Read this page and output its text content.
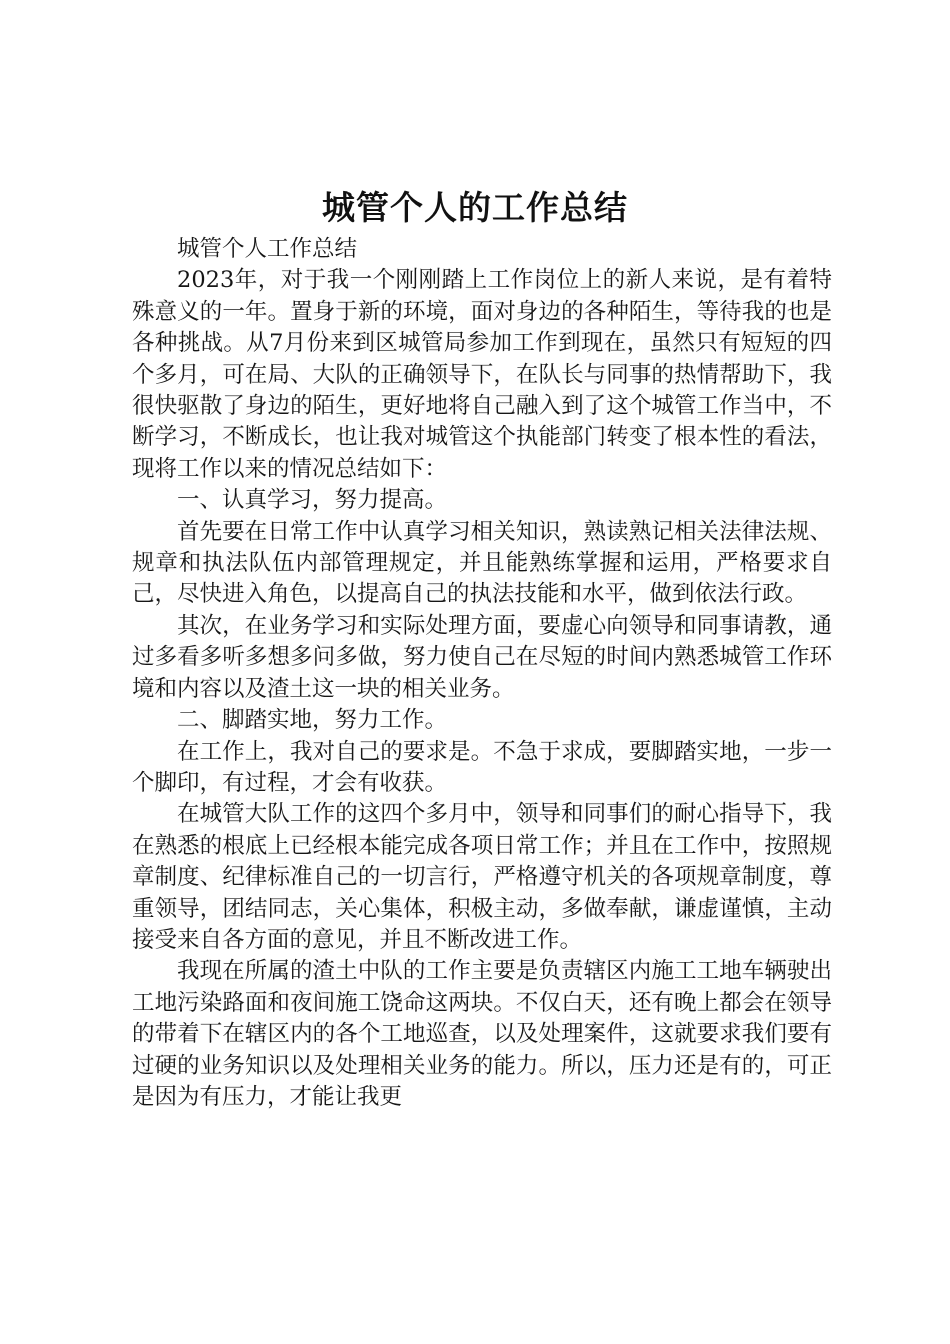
城管个人的工作总结

城管个人工作总结

2023年，对于我一个刚刚踏上工作岗位上的新人来说，是有着特殊意义的一年。置身于新的环境，面对身边的各种陌生，等待我的也是各种挑战。从7月份来到区城管局参加工作到现在，虽然只有短短的四个多月，可在局、大队的正确领导下，在队长与同事的热情帮助下，我很快驱散了身边的陌生，更好地将自己融入到了这个城管工作当中，不断学习，不断成长，也让我对城管这个执能部门转变了根本性的看法，现将工作以来的情况总结如下：

一、认真学习，努力提高。

首先要在日常工作中认真学习相关知识，熟读熟记相关法律法规、规章和执法队伍内部管理规定，并且能熟练掌握和运用，严格要求自己，尽快进入角色，以提高自己的执法技能和水平，做到依法行政。

其次，在业务学习和实际处理方面，要虚心向领导和同事请教，通过多看多听多想多问多做，努力使自己在尽短的时间内熟悉城管工作环境和内容以及渣土这一块的相关业务。

二、脚踏实地，努力工作。

在工作上，我对自己的要求是。不急于求成，要脚踏实地，一步一个脚印，有过程，才会有收获。

在城管大队工作的这四个多月中，领导和同事们的耐心指导下，我在熟悉的根底上已经根本能完成各项日常工作；并且在工作中，按照规章制度、纪律标准自己的一切言行，严格遵守机关的各项规章制度，尊重领导，团结同志，关心集体，积极主动，多做奉献，谦虚谨慎，主动接受来自各方面的意见，并且不断改进工作。

我现在所属的渣土中队的工作主要是负责辖区内施工工地车辆驶出工地污染路面和夜间施工饶命这两块。不仅白天，还有晚上都会在领导的带着下在辖区内的各个工地巡查，以及处理案件，这就要求我们要有过硬的业务知识以及处理相关业务的能力。所以，压力还是有的，可正是因为有压力，才能让我更
